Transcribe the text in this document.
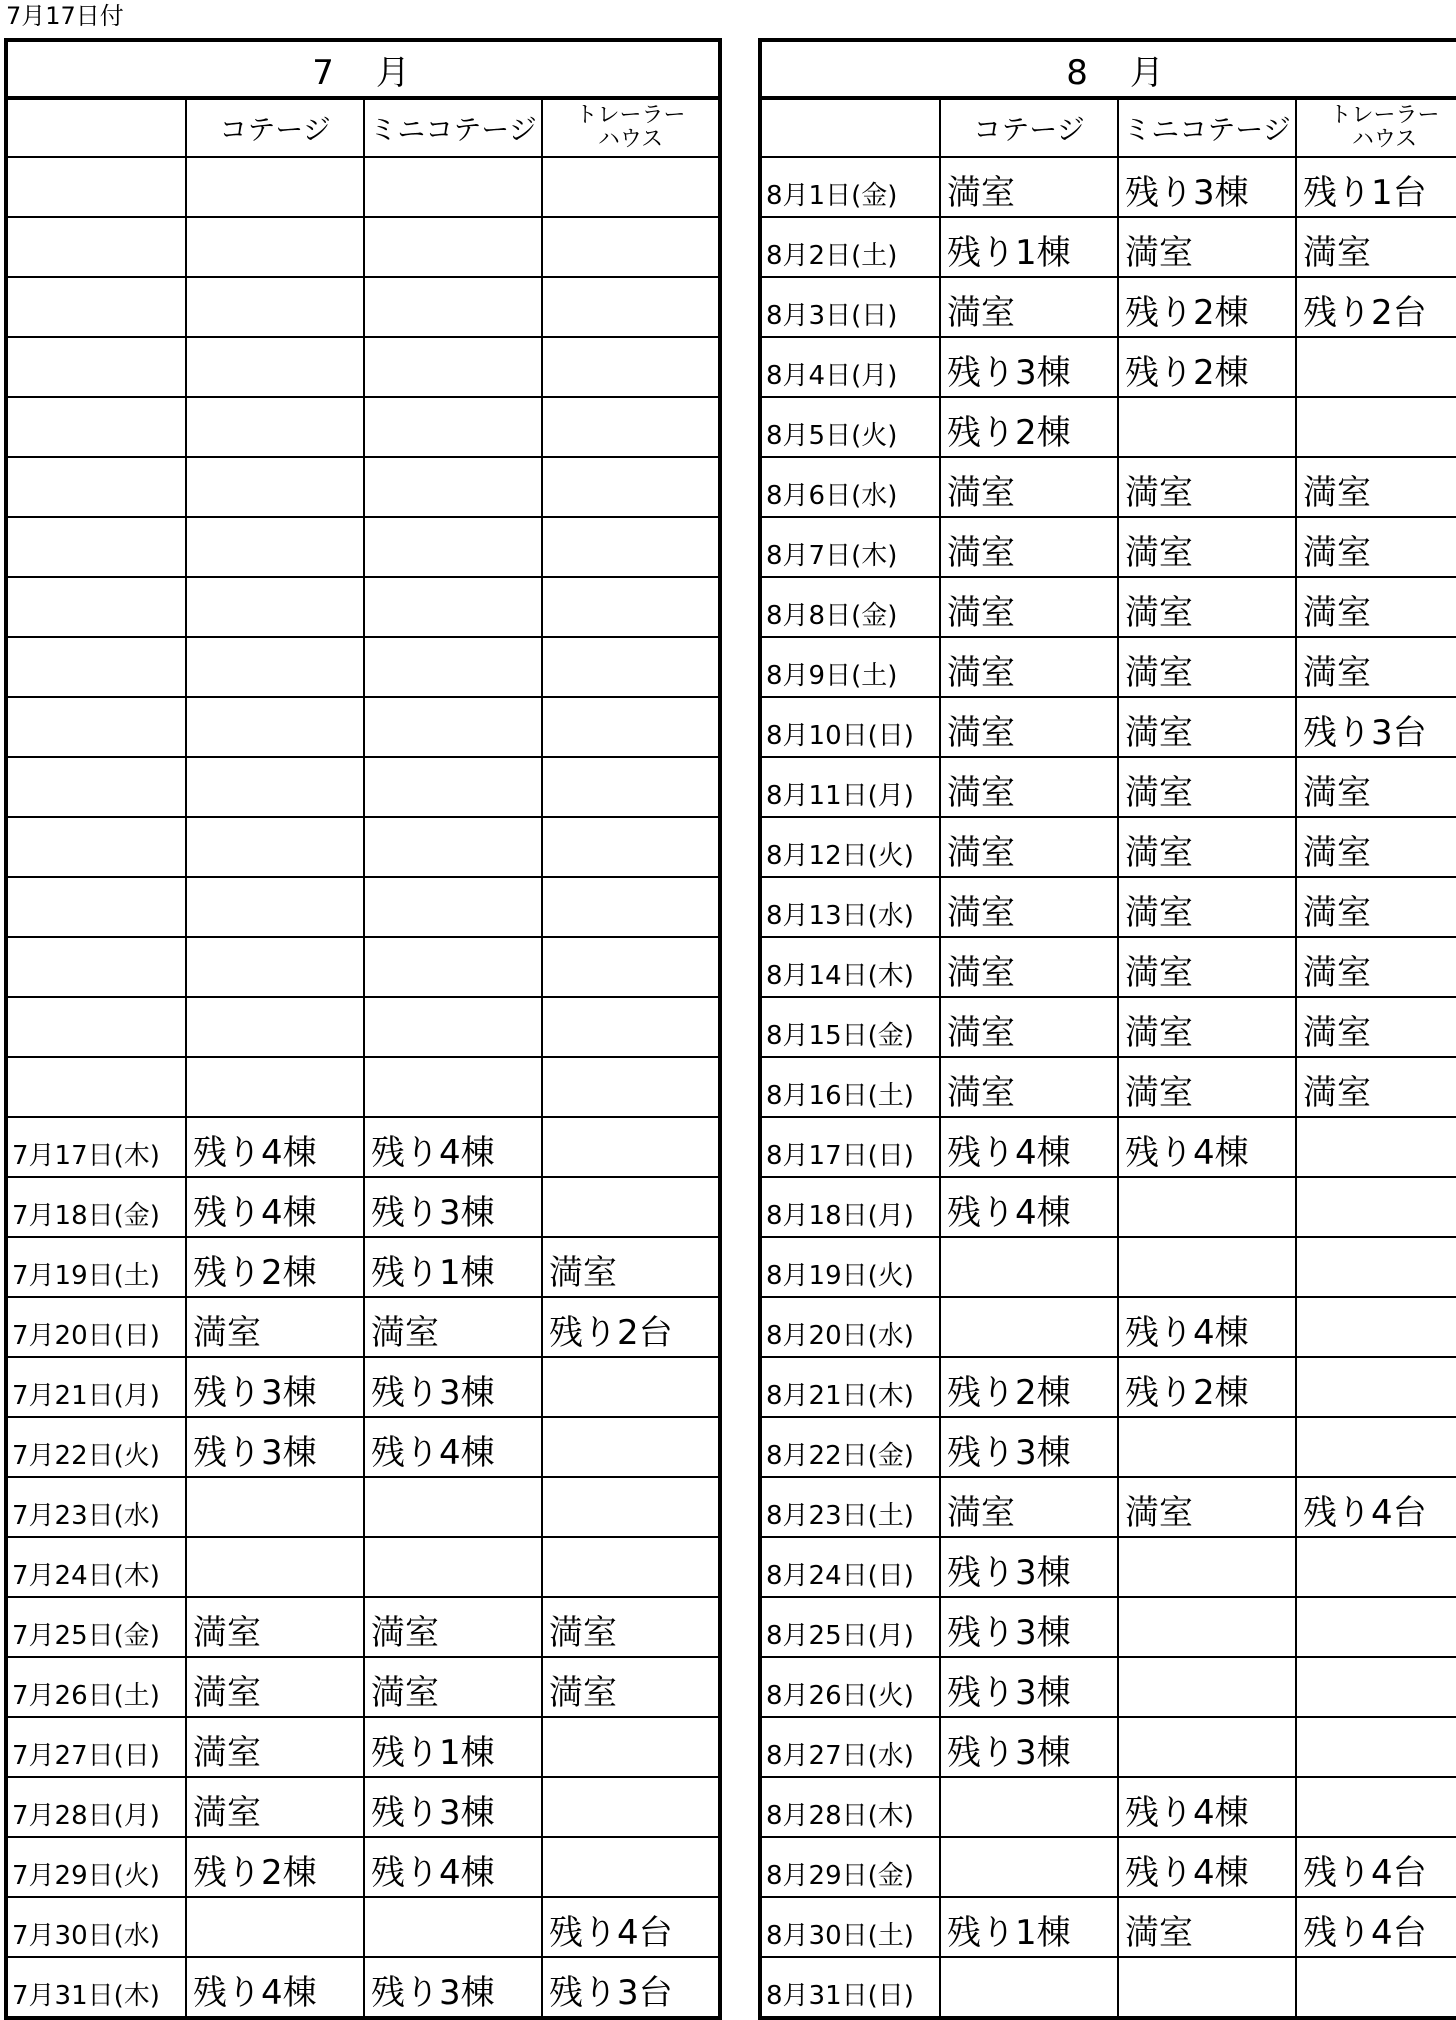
7月17日付
7　月			
	コテージ	ミニコテージ	トレーラー
ハウス

7月17日(木)	残り4棟	残り4棟	
7月18日(金)	残り4棟	残り3棟	
7月19日(土)	残り2棟	残り1棟	満室
7月20日(日)	満室	満室	残り2台
7月21日(月)	残り3棟	残り3棟	
7月22日(火)	残り3棟	残り4棟	
7月23日(水)			
7月24日(木)			
7月25日(金)	満室	満室	満室
7月26日(土)	満室	満室	満室
7月27日(日)	満室	残り1棟	
7月28日(月)	満室	残り3棟	
7月29日(火)	残り2棟	残り4棟	
7月30日(水)			残り4台
7月31日(木)	残り4棟	残り3棟	残り3台
8　月			
	コテージ	ミニコテージ	トレーラー
ハウス

8月1日(金)	満室	残り3棟	残り1台
8月2日(土)	残り1棟	満室	満室
8月3日(日)	満室	残り2棟	残り2台
8月4日(月)	残り3棟	残り2棟	
8月5日(火)	残り2棟		
8月6日(水)	満室	満室	満室
8月7日(木)	満室	満室	満室
8月8日(金)	満室	満室	満室
8月9日(土)	満室	満室	満室
8月10日(日)	満室	満室	残り3台
8月11日(月)	満室	満室	満室
8月12日(火)	満室	満室	満室
8月13日(水)	満室	満室	満室
8月14日(木)	満室	満室	満室
8月15日(金)	満室	満室	満室
8月16日(土)	満室	満室	満室
8月17日(日)	残り4棟	残り4棟	
8月18日(月)	残り4棟		
8月19日(火)			
8月20日(水)		残り4棟	
8月21日(木)	残り2棟	残り2棟	
8月22日(金)	残り3棟		
8月23日(土)	満室	満室	残り4台
8月24日(日)	残り3棟		
8月25日(月)	残り3棟		
8月26日(火)	残り3棟		
8月27日(水)	残り3棟		
8月28日(木)		残り4棟	
8月29日(金)		残り4棟	残り4台
8月30日(土)	残り1棟	満室	残り4台
8月31日(日)			
